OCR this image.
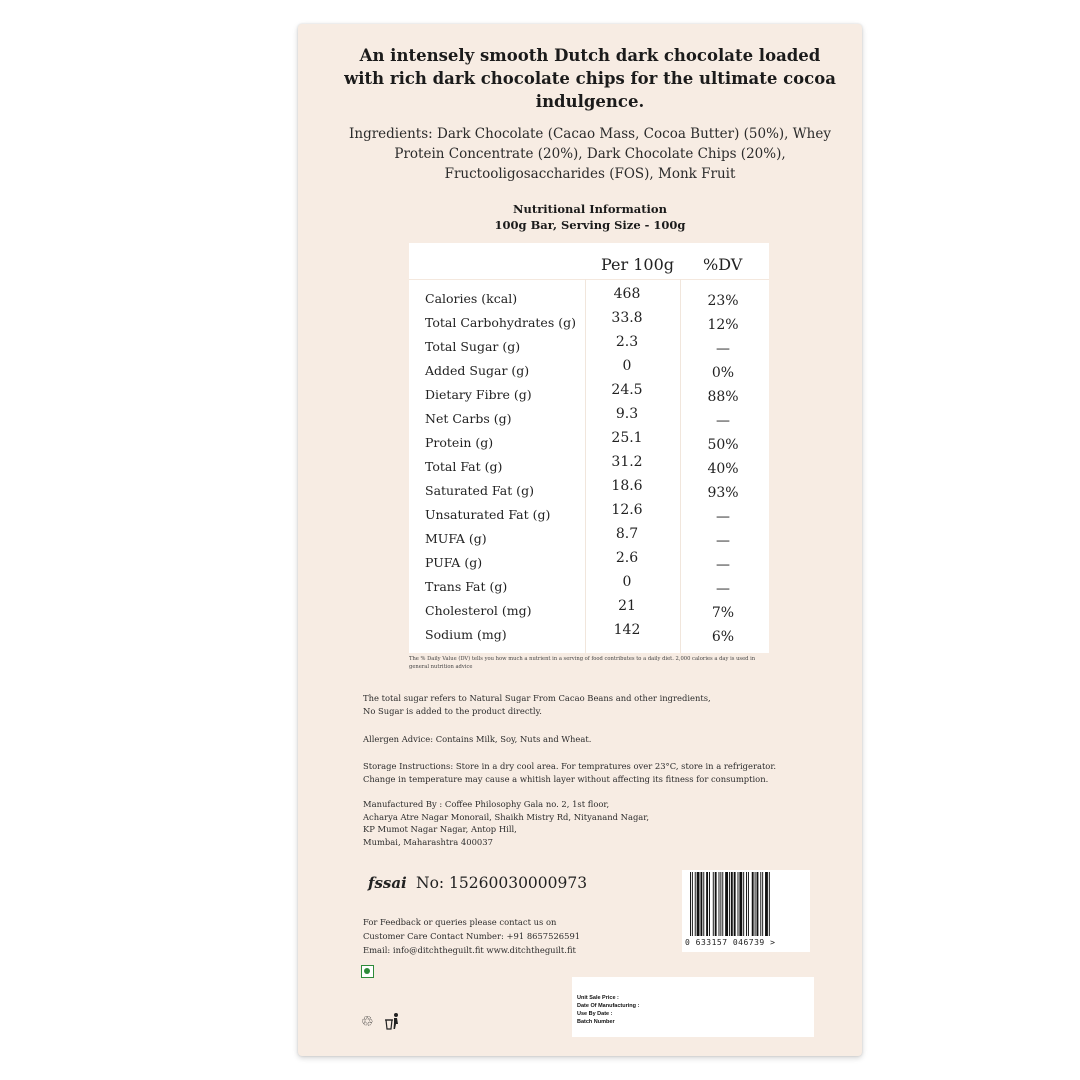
An intensely smooth Dutch dark chocolate loaded with rich dark chocolate chips for the ultimate cocoa indulgence.
Ingredients: Dark Chocolate (Cacao Mass, Cocoa Butter) (50%), Whey Protein Concentrate (20%), Dark Chocolate Chips (20%), Fructooligosaccharides (FOS), Monk Fruit
Nutritional Information
100g Bar, Serving Size - 100g
Per 100g %DV
Calories (kcal)	468	23%
Total Carbohydrates (g)	33.8	12%
Total Sugar (g)	2.3	—
Added Sugar (g)	0	0%
Dietary Fibre (g)	24.5	88%
Net Carbs (g)	9.3	—
Protein (g)	25.1	50%
Total Fat (g)	31.2	40%
Saturated Fat (g)	18.6	93%
Unsaturated Fat (g)	12.6	—
MUFA (g)	8.7	—
PUFA (g)	2.6	—
Trans Fat (g)	0	—
Cholesterol (mg)	21	7%
Sodium (mg)	142	6%
The % Daily Value (DV) tells you how much a nutrient in a serving of food contributes to a daily diet. 2,000 calories a day is used in general nutrition advice
The total sugar refers to Natural Sugar From Cacao Beans and other ingredients,
No Sugar is added to the product directly.
Allergen Advice: Contains Milk, Soy, Nuts and Wheat.
Storage Instructions: Store in a dry cool area. For tempratures over 23°C, store in a refrigerator.
Change in temperature may cause a whitish layer without affecting its fitness for consumption.
Manufactured By : Coffee Philosophy Gala no. 2, 1st floor,
Acharya Atre Nagar Monorail, Shaikh Mistry Rd, Nityanand Nagar,
KP Mumot Nagar Nagar, Antop Hill,
Mumbai, Maharashtra 400037
fssai No: 15260030000973
For Feedback or queries please contact us on
Customer Care Contact Number: +91 8657526591
Email: info@ditchtheguilt.fit www.ditchtheguilt.fit
0 633157 046739 >
♲
Unit Sale Price :
Date Of Manufacturing :
Use By Date :
Batch Number
